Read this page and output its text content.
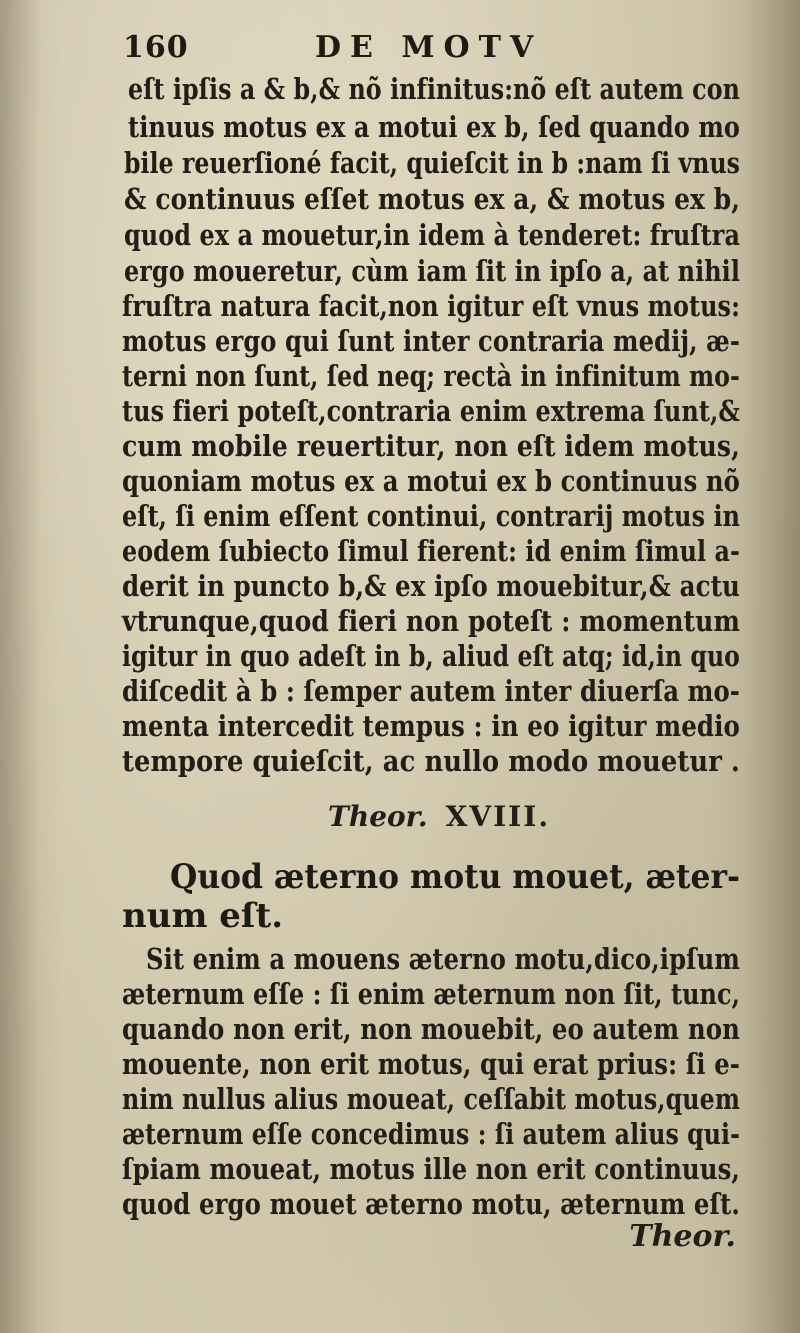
160	DE MOTV
eſt ipſis a & b,& nõ infinitus:nõ eſt autem con
tinuus motus ex a motui ex b, ſed quando mo
bile reuerſioné facit, quieſcit in b :nam ſi vnus
& continuus eſſet motus ex a, & motus ex b,
quod ex a mouetur,in idem à tenderet: fruſtra
ergo moueretur, cùm iam ſit in ipſo a, at nihil
fruſtra natura facit,non igitur eſt vnus motus:
motus ergo qui ſunt inter contraria medij, æ-
terni non ſunt, ſed neq; rectà in infinitum mo-
tus fieri poteſt,contraria enim extrema ſunt,&
cum mobile reuertitur, non eſt idem motus,
quoniam motus ex a motui ex b continuus nõ
eſt, ſi enim eſſent continui, contrarij motus in
eodem ſubiecto ſimul fierent: id enim ſimul a-
derit in puncto b,& ex ipſo mouebitur,& actu
vtrunque,quod fieri non poteſt : momentum
igitur in quo adeſt in b, aliud eſt atq; id,in quo
diſcedit à b : ſemper autem inter diuerſa mo-
menta intercedit tempus : in eo igitur medio
tempore quieſcit, ac nullo modo mouetur .
Theor. XVIII.
Quod æterno motu mouet, æter-
num eſt.
Sit enim a mouens æterno motu,dico,ipſum
æternum eſſe : ſi enim æternum non ſit, tunc,
quando non erit, non mouebit, eo autem non
mouente, non erit motus, qui erat prius: ſi e-
nim nullus alius moueat, ceſſabit motus,quem
æternum eſſe concedimus : ſi autem alius qui-
ſpiam moueat, motus ille non erit continuus,
quod ergo mouet æterno motu, æternum eſt.
Theor.
